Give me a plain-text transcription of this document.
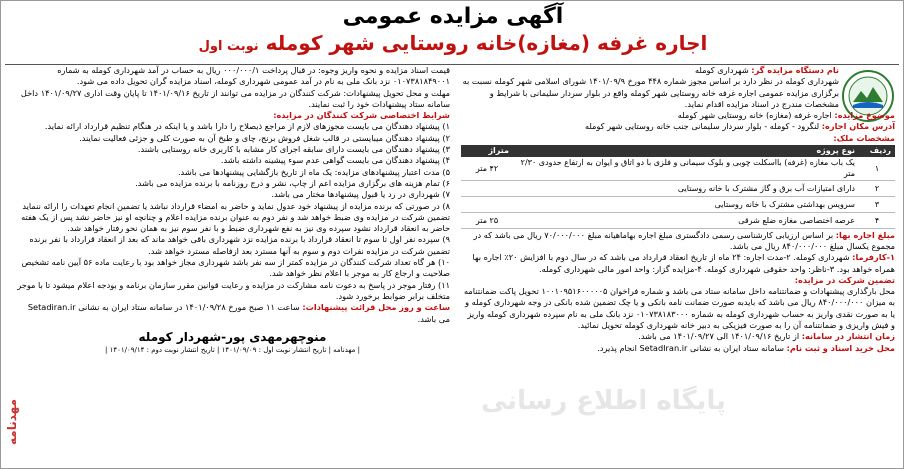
آگهی مزایده عمومی
اجاره غرفه (مغازه)خانه روستایی شهر کومله نوبت اول
پایگاه اطلاع رسانی
نام دستگاه مزایده گر: شهرداری کومله
شهرداری کومله در نظر دارد بر اساس مجوز شماره ۴۴۸ مورخ ۱۴۰۱/۰۹/۹ شورای اسلامی شهر کومله نسبت به برگزاری مزایده عمومی اجاره غرفه خانه روستایی شهر کومله واقع در بلوار سردار سلیمانی با شرایط و مشخصات مندرج در اسناد مزایده اقدام نماید.
موضوع مزایده: اجاره غرفه (مغازه) خانه روستایی شهر کومله
آدرس مکان اجاره: لنگرود - کومله - بلوار سردار سلیمانی جنب خانه روستایی شهر کومله
مشخصات ملک:
ردیف	نوع پروژه	متراژ
۱	یک باب مغازه (غرفه) بااسکلت چوبی و بلوک سیمانی و فلزی با دو اتاق و ایوان به ارتفاع حدودی ۲/۳۰ متر	۴۲ متر
۲	دارای امتیازات آب برق و گاز مشترک با خانه روستایی	
۳	سرویس بهداشتی مشترک با خانه روستایی	
۴	عرصه اختصاصی مغازه ضلع شرقی	۲۵ متر
مبلغ اجاره بها: بر اساس ارزیابی کارشناسی رسمی دادگستری مبلغ اجاره بهاماهیانه مبلغ ۷۰/۰۰۰/۰۰۰ ریال می باشد که در مجموع یکسال مبلغ ۸۴۰/۰۰۰/۰۰۰ ریال می باشد.
۱-کارفرما: شهرداری کومله. ۲-مدت اجاره: ۲۴ ماه از تاریخ انعقاد قرارداد می باشد که در سال دوم با افزایش ۲۰٪ اجاره بها همراه خواهد بود. ۳-ناظر: واحد حقوقی شهرداری کومله. ۴-مزایده گزار: واحد امور مالی شهرداری کومله.
تضمین شرکت در مزایده:
محل بارگذاری پیشنهادات و ضمانتنامه داخل سامانه ستاد می باشد و شماره فراخوان ۱۰۰۱۰۹۵۱۶۰۰۰۰۰۵ تحویل پاکت ضمانتنامه به میزان ۸۴۰/۰۰۰/۰۰۰ ریال می باشد که بایدبه صورت ضمانت نامه بانکی و یا چک تضمین شده بانکی در وجه شهرداری کومله و یا به صورت نقدی واریز به حساب شهرداری کومله به شماره ۰۱۰۷۳۸۱۸۳۰۰۰ نزد بانک ملی به نام سپرده شهرداری کومله واریز و فیش واریزی و ضمانتنامه آن را به صورت فیزیکی به دبیر خانه شهرداری کومله تحویل نمائید.
زمان انتشار در سامانه: از تاریخ ۱۴۰۱/۰۹/۱۶ الی ۱۴۰۱/۰۹/۲۷ می باشد.
محل خرید اسناد و ثبت نام: سامانه ستاد ایران به نشانی SetadIran.ir انجام پذیرد.
قیمت اسناد مزایده و نحوه واریز وجوه: در قبال پرداخت ۰۰۰/۰۰۰/۱ ریال به حساب در آمد شهرداری کومله به شماره ۰۱۰۷۳۸۱۸۴۹۰۰۱ نزد بانک ملی به نام در آمد عمومی شهرداری کومله، اسناد مزایده گران تحویل داده می شود.
مهلت و محل تحویل پیشنهادات: شرکت کنندگان در مزایده می توانند از تاریخ ۱۴۰۱/۰۹/۱۶ تا پایان وقت اداری ۱۴۰۱/۰۹/۲۷ داخل سامانه ستاد پیشنهادات خود را ثبت نمایند.
شرایط اختصاصی شرکت کنندگان در مزایده:
۱) پیشنهاد دهندگان می بایست مجوزهای لازم از مراجع ذیصلاح را دارا باشد و یا اینکه در هنگام تنظیم قرارداد ارائه نماید.
۲) پیشنهاد دهندگان میبایستی در قالب شغل فروش برنج، چای و طبخ آن به صورت کلی و جزئی فعالیت نمایند.
۳) پیشنهاد دهندگان می بایست دارای سابقه اجرای کار مشابه با کاربری خانه روستایی باشند.
۴) پیشنهاد دهندگان می بایست گواهی عدم سوء پیشینه داشته باشد.
۵) مدت اعتبار پیشنهادهای مزایده: یک ماه از تاریخ بازگشایی پیشنهادها می باشد.
۶) تمام هزینه های برگزاری مزایده اعم از چاپ، نشر و درج روزنامه با برنده مزایده می باشد.
۷) شهرداری در رد یا قبول پیشنهادها مختار می باشد.
۸) در صورتی که برنده مزایده از پیشنهاد خود عدول نماید و حاضر به امضاء قرارداد نباشد یا تضمین انجام تعهدات را ارائه ننماید تضمین شرکت در مزایده وی ضبط خواهد شد و نفر دوم به عنوان برنده مزایده اعلام و چنانچه او نیز حاضر نشد پس از یک هفته حاضر به انعقاد قرارداد نشود سپرده وی نیز به نفع شهرداری ضبط و با نفر سوم نیز به همان نحو رفتار خواهد شد.
۹) سپرده نفر اول تا سوم تا انعقاد قرارداد با برنده مزایده نزد شهرداری باقی خواهد ماند که بعد از انعقاد قرارداد با نفر برنده تضمین شرکت در مزایده نفرات دوم و سوم به آنها مسترد بعد ازفاصله مسترد خواهد شد.
۱۰) هر گاه تعداد شرکت کنندگان در مزایده کمتر از سه نفر باشد شهرداری مجاز خواهد بود با رعایت ماده ۵۶ آیین نامه تشخیص صلاحیت و ارجاع کار به موجر با اعلام نظر خواهد شد.
۱۱) رفتار موجر در پاسخ به دعوت نامه مشارکت در مزایده و رعایت قوانین مقرر سازمان برنامه و بودجه اعلام میشود تا با موجر متخلف برابر ضوابط برخورد شود.
ساعت و روز محل قرائت پیشنهادات: ساعت ۱۱ صبح مورخ ۱۴۰۱/۰۹/۲۸ در سامانه ستاد ایران به نشانی Setadiran.ir می باشد.
منوچهرمهدی پور-شهردار کومله
| مهدنامه | تاریخ انتشار نوبت اول : ۱۴۰۱/۰۹/۰۹ | تاریخ انتشار نوبت دوم : ۱۴۰۱/۰۹/۱۴ |
مهدنامه
